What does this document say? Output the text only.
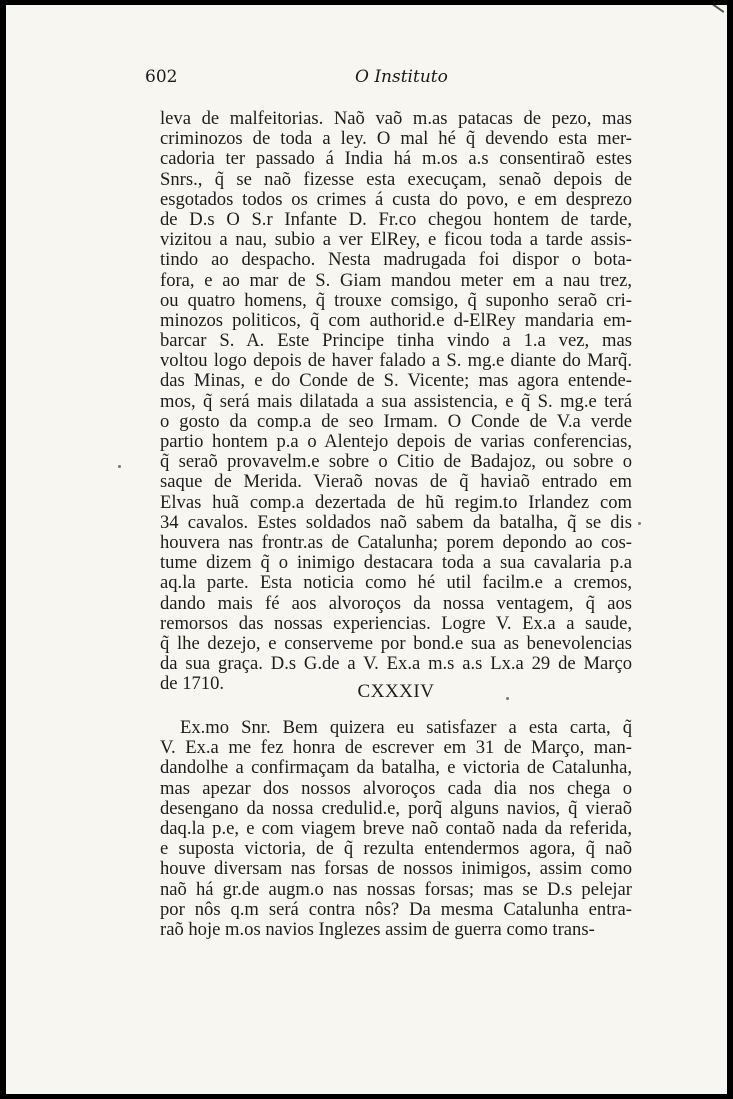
602	O Instituto
leva de malfeitorias. Naõ vaõ m.as patacas de pezo, mas
criminozos de toda a ley. O mal hé q̃ devendo esta mer-
cadoria ter passado á India há m.os a.s consentiraõ estes
Snrs., q̃ se naõ fizesse esta execuçam, senaõ depois de
esgotados todos os crimes á custa do povo, e em desprezo
de D.s O S.r Infante D. Fr.co chegou hontem de tarde,
vizitou a nau, subio a ver ElRey, e ficou toda a tarde assis-
tindo ao despacho. Nesta madrugada foi dispor o bota-
fora, e ao mar de S. Giam mandou meter em a nau trez,
ou quatro homens, q̃ trouxe comsigo, q̃ suponho seraõ cri-
minozos politicos, q̃ com authorid.e d-ElRey mandaria em-
barcar S. A. Este Principe tinha vindo a 1.a vez, mas
voltou logo depois de haver falado a S. mg.e diante do Marq̃.
das Minas, e do Conde de S. Vicente; mas agora entende-
mos, q̃ será mais dilatada a sua assistencia, e q̃ S. mg.e terá
o gosto da comp.a de seo Irmam. O Conde de V.a verde
partio hontem p.a o Alentejo depois de varias conferencias,
q̃ seraõ provavelm.e sobre o Citio de Badajoz, ou sobre o
saque de Merida. Vieraõ novas de q̃ haviaõ entrado em
Elvas huã comp.a dezertada de hũ regim.to Irlandez com
34 cavalos. Estes soldados naõ sabem da batalha, q̃ se dis
houvera nas frontr.as de Catalunha; porem depondo ao cos-
tume dizem q̃ o inimigo destacara toda a sua cavalaria p.a
aq.la parte. Esta noticia como hé util facilm.e a cremos,
dando mais fé aos alvoroços da nossa ventagem, q̃ aos
remorsos das nossas experiencias. Logre V. Ex.a a saude,
q̃ lhe dezejo, e conserveme por bond.e sua as benevolencias
da sua graça. D.s G.de a V. Ex.a m.s a.s Lx.a 29 de Março
de 1710.	CXXXIV
Ex.mo Snr. Bem quizera eu satisfazer a esta carta, q̃
V. Ex.a me fez honra de escrever em 31 de Março, man-
dandolhe a confirmaçam da batalha, e victoria de Catalunha,
mas apezar dos nossos alvoroços cada dia nos chega o
desengano da nossa credulid.e, porq̃ alguns navios, q̃ vieraõ
daq.la p.e, e com viagem breve naõ contaõ nada da referida,
e suposta victoria, de q̃ rezulta entendermos agora, q̃ naõ
houve diversam nas forsas de nossos inimigos, assim como
naõ há gr.de augm.o nas nossas forsas; mas se D.s pelejar
por nôs q.m será contra nôs? Da mesma Catalunha entra-
raõ hoje m.os navios Inglezes assim de guerra como trans-
